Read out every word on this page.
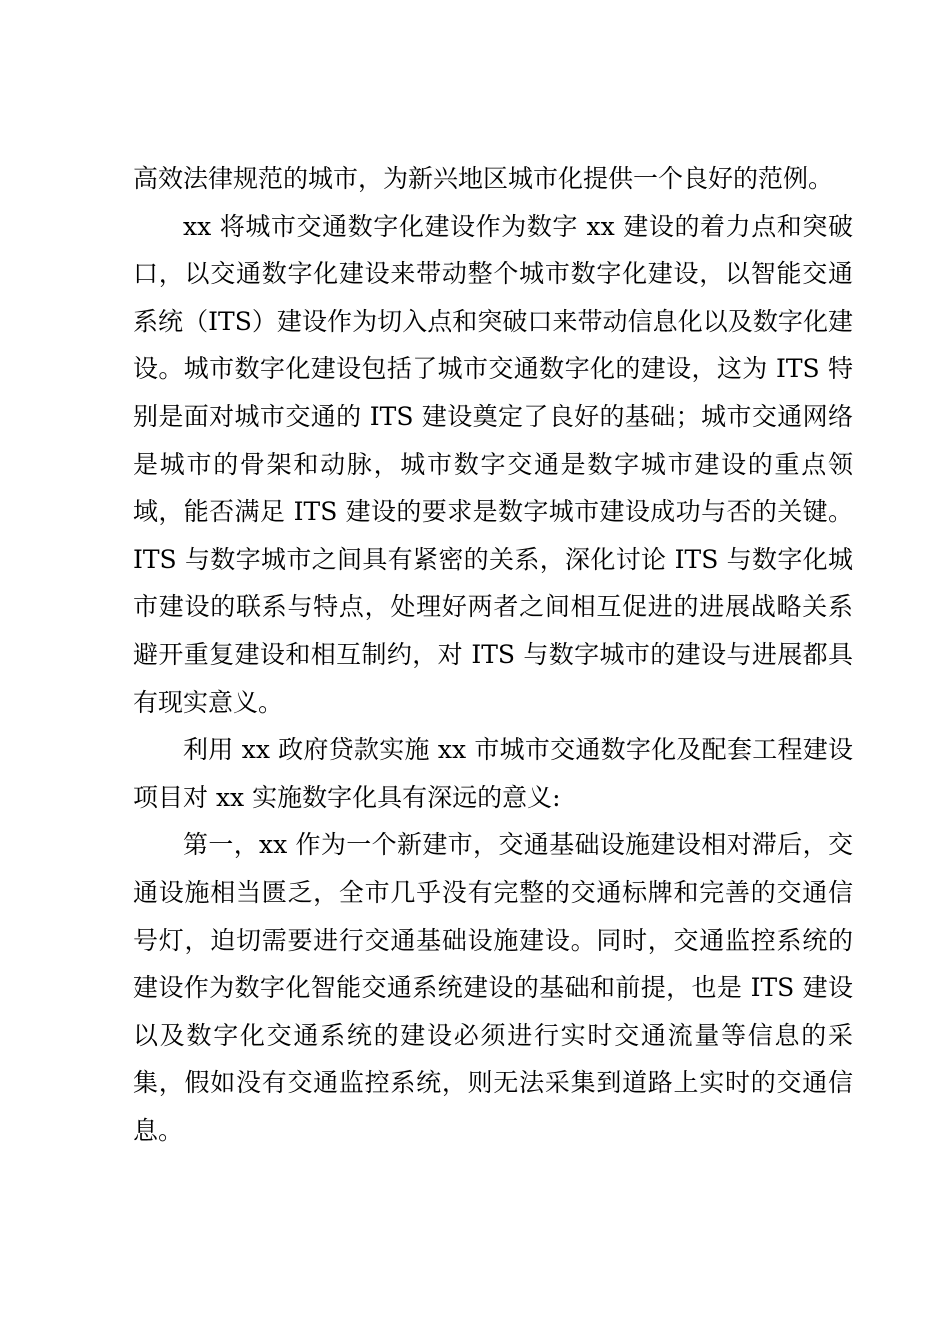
高效法律规范的城市，为新兴地区城市化提供一个良好的范例。

xx 将城市交通数字化建设作为数字 xx 建设的着力点和突破口，以交通数字化建设来带动整个城市数字化建设，以智能交通系统（ITS）建设作为切入点和突破口来带动信息化以及数字化建设。城市数字化建设包括了城市交通数字化的建设，这为 ITS 特别是面对城市交通的 ITS 建设奠定了良好的基础；城市交通网络是城市的骨架和动脉，城市数字交通是数字城市建设的重点领域，能否满足 ITS 建设的要求是数字城市建设成功与否的关键。ITS 与数字城市之间具有紧密的关系，深化讨论 ITS 与数字化城市建设的联系与特点，处理好两者之间相互促进的进展战略关系避开重复建设和相互制约，对 ITS 与数字城市的建设与进展都具有现实意义。

利用 xx 政府贷款实施 xx 市城市交通数字化及配套工程建设项目对 xx 实施数字化具有深远的意义:

第一，xx 作为一个新建市，交通基础设施建设相对滞后，交通设施相当匮乏，全市几乎没有完整的交通标牌和完善的交通信号灯，迫切需要进行交通基础设施建设。同时，交通监控系统的建设作为数字化智能交通系统建设的基础和前提，也是 ITS 建设以及数字化交通系统的建设必须进行实时交通流量等信息的采集，假如没有交通监控系统，则无法采集到道路上实时的交通信息。
